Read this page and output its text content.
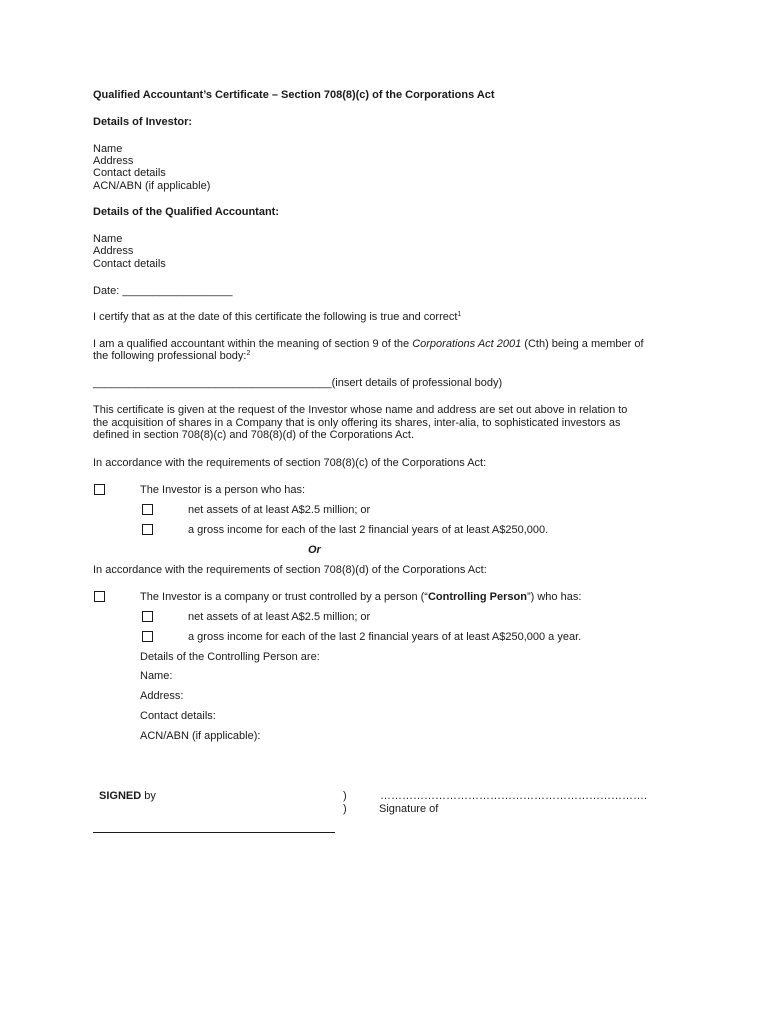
Qualified Accountant’s Certificate – Section 708(8)(c) of the Corporations Act
Details of Investor:
Name
Address
Contact details
ACN/ABN (if applicable)
Details of the Qualified Accountant:
Name
Address
Contact details
Date: __________________
I certify that as at the date of this certificate the following is true and correct$^1$
I am a qualified accountant within the meaning of section 9 of the Corporations Act 2001 (Cth) being a member of
the following professional body:$^2$
_______________________________________(insert details of professional body)
This certificate is given at the request of the Investor whose name and address are set out above in relation to
the acquisition of shares in a Company that is only offering its shares, inter-alia, to sophisticated investors as
defined in section 708(8)(c) and 708(8)(d) of the Corporations Act.
In accordance with the requirements of section 708(8)(c) of the Corporations Act:
The Investor is a person who has:
net assets of at least A$2.5 million; or
a gross income for each of the last 2 financial years of at least A$250,000.
Or
In accordance with the requirements of section 708(8)(d) of the Corporations Act:
The Investor is a company or trust controlled by a person (“Controlling Person”) who has:
net assets of at least A$2.5 million; or
a gross income for each of the last 2 financial years of at least A$250,000 a year.
Details of the Controlling Person are:
Name:
Address:
Contact details:
ACN/ABN (if applicable):
SIGNED by	)
)
……………………………………………………………….
Signature of
